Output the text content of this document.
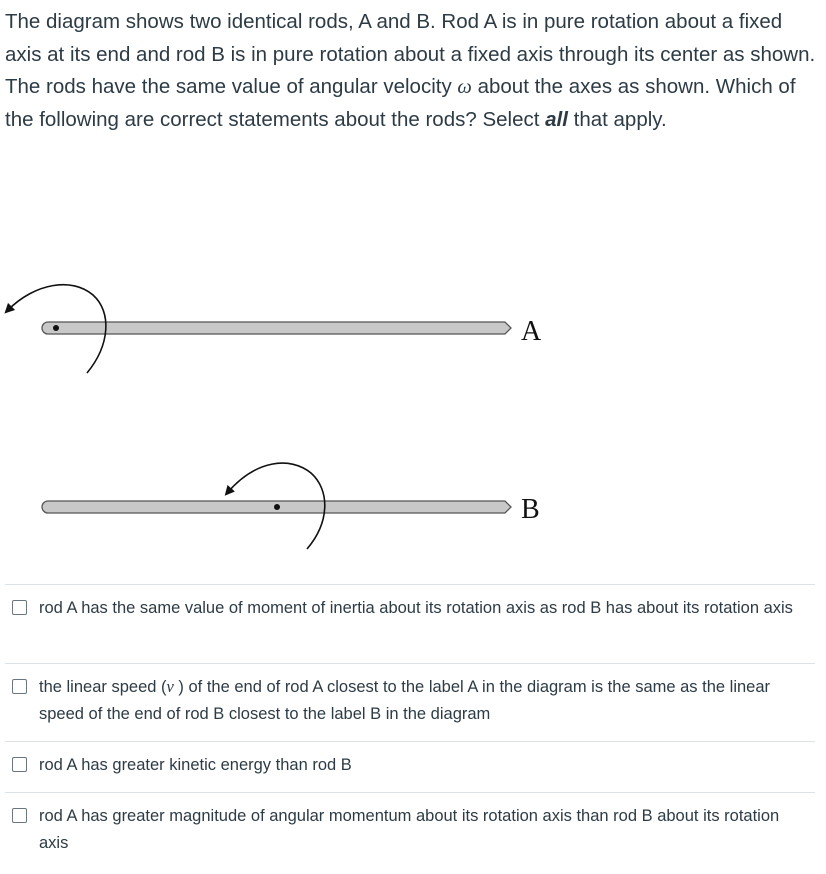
The diagram shows two identical rods, A and B. Rod A is in pure rotation about a fixed axis at its end and rod B is in pure rotation about a fixed axis through its center as shown. The rods have the same value of angular velocity ω about the axes as shown. Which of the following are correct statements about the rods? Select all that apply.
A
B
rod A has the same value of moment of inertia about its rotation axis as rod B has about its rotation axis
the linear speed (v ) of the end of rod A closest to the label A in the diagram is the same as the linear speed of the end of rod B closest to the label B in the diagram
rod A has greater kinetic energy than rod B
rod A has greater magnitude of angular momentum about its rotation axis than rod B about its rotation axis
